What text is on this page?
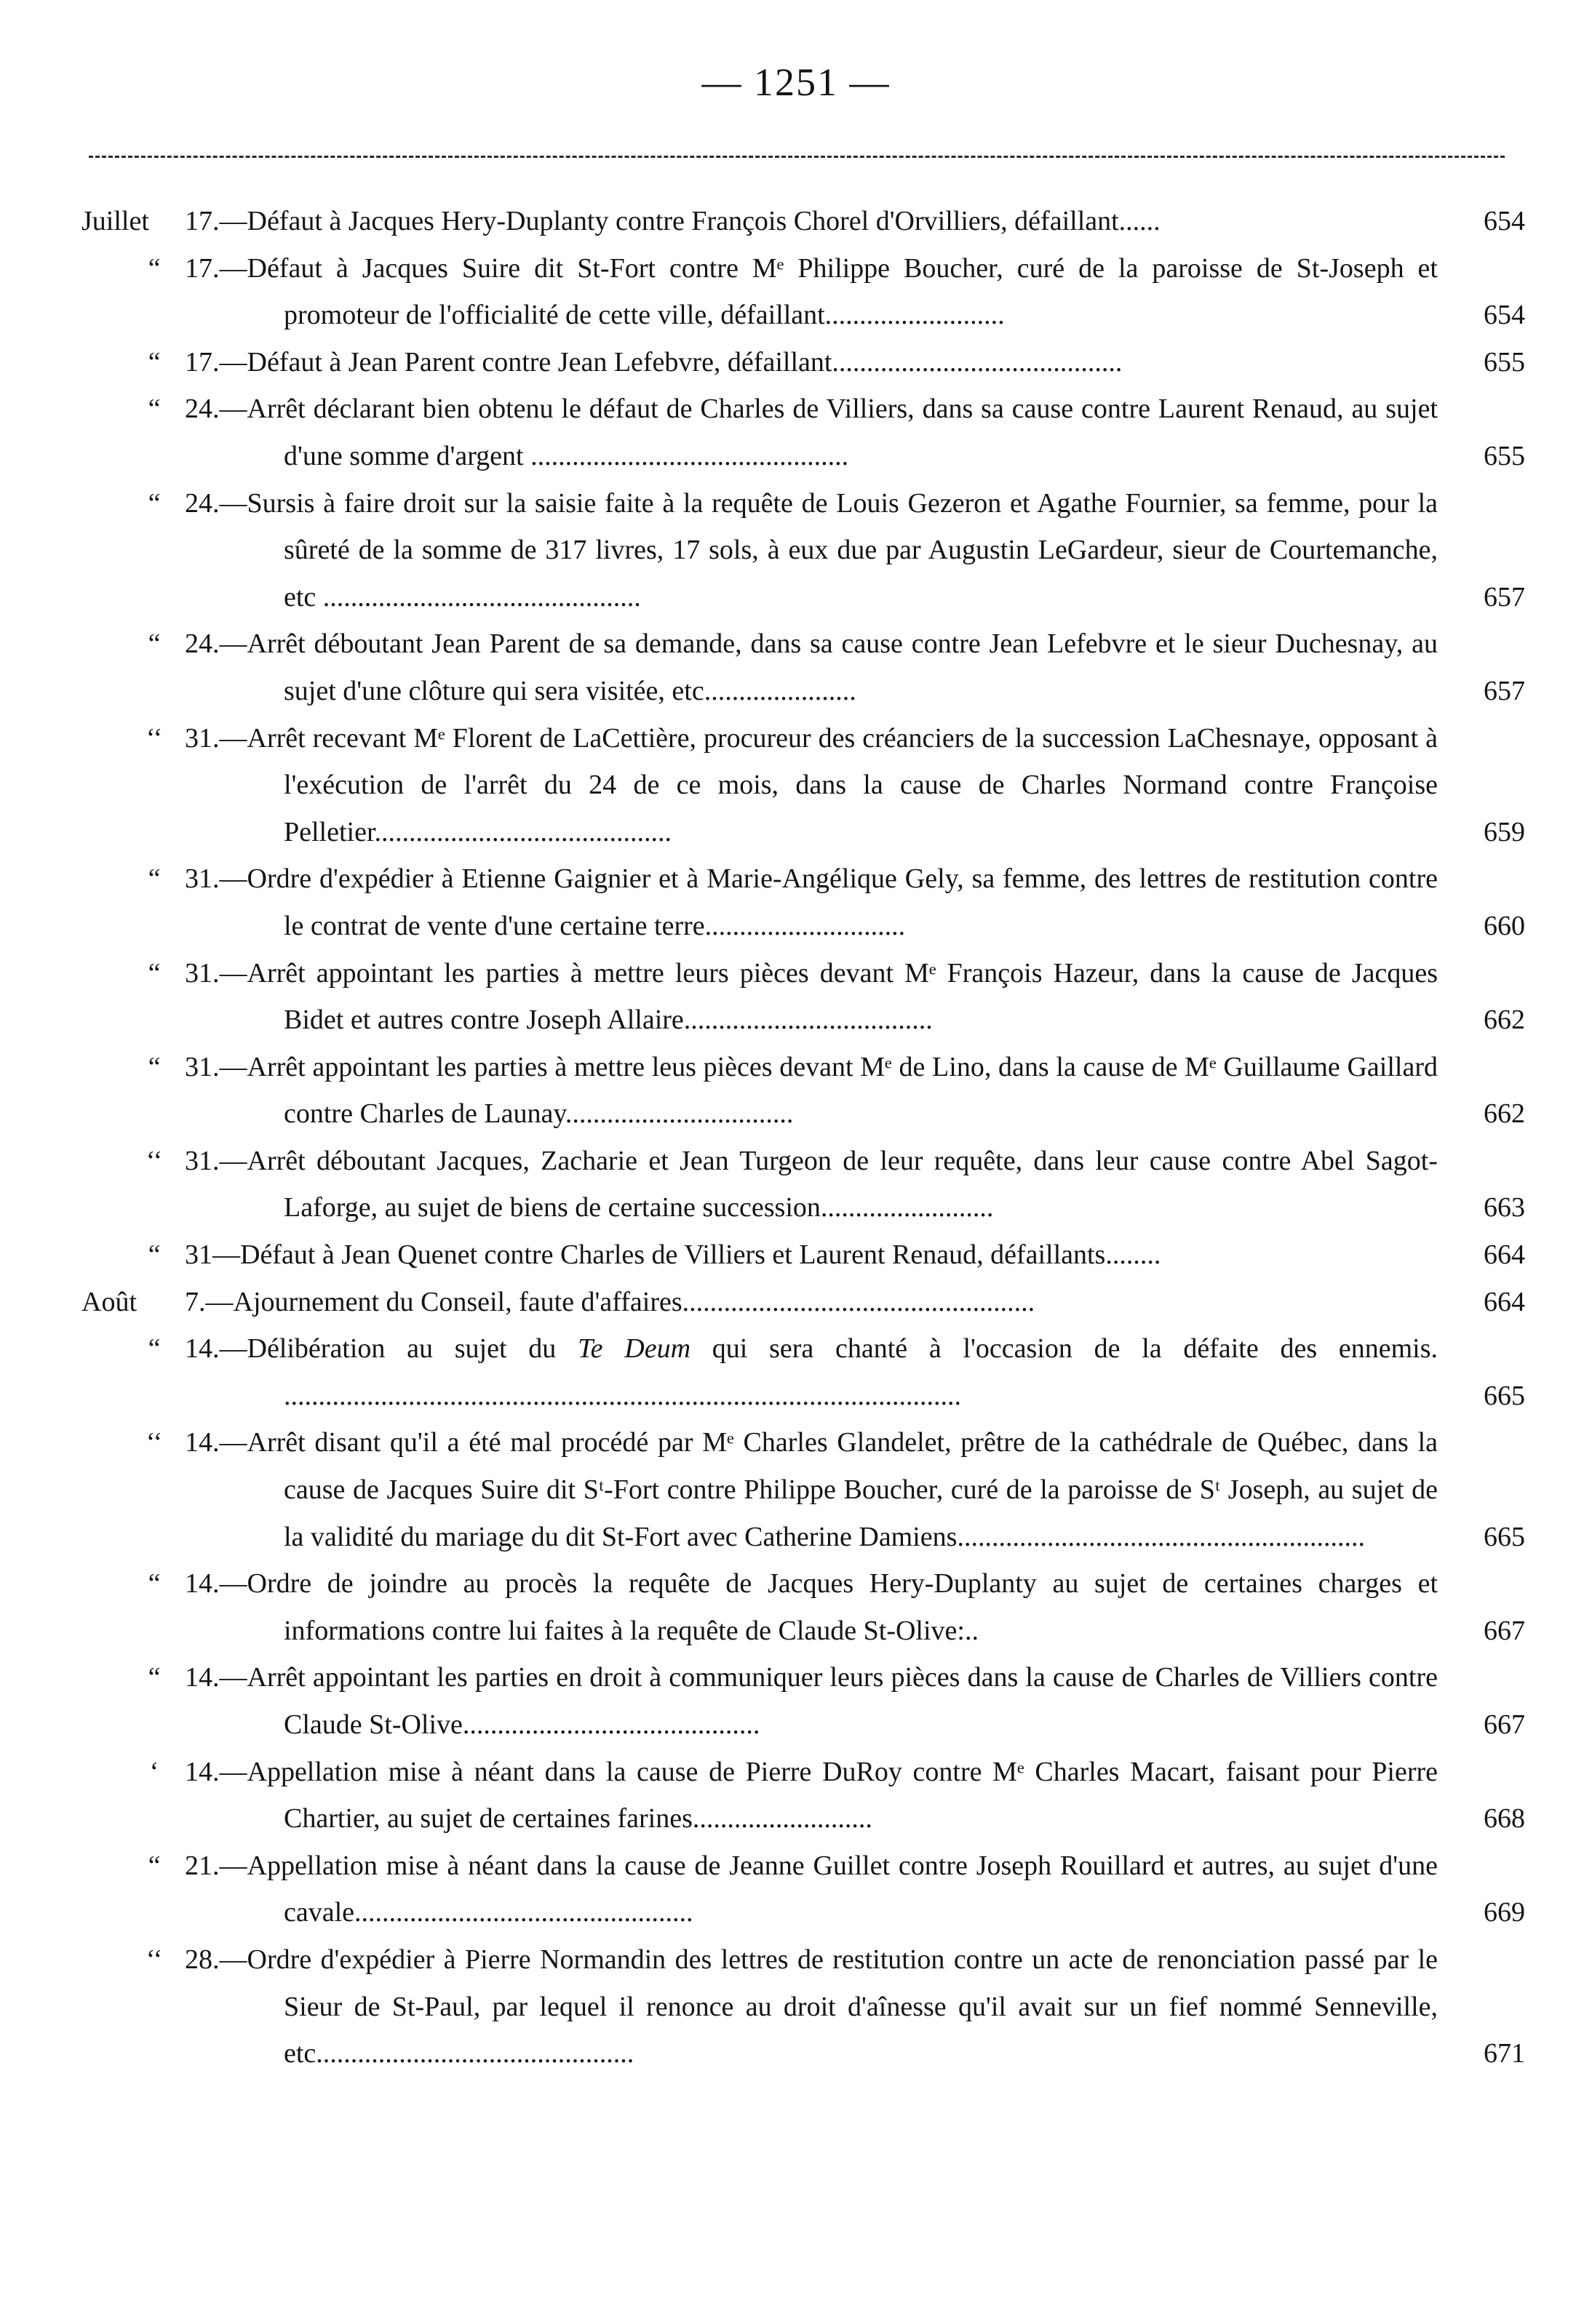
— 1251 —
Juillet	17.—Défaut à Jacques Hery-Duplanty contre François Chorel d'Orvilliers, défaillant......	654
“ 17.—Défaut à Jacques Suire dit St-Fort contre Mᵉ Philippe Boucher, curé de la paroisse de St-Joseph et promoteur de l'officialité de cette ville, défaillant..........................	654
“ 17.—Défaut à Jean Parent contre Jean Lefebvre, défaillant..........................................	655
“ 24.—Arrêt déclarant bien obtenu le défaut de Charles de Villiers, dans sa cause contre Laurent Renaud, au sujet d'une somme d'argent ..............................................	655
“ 24.—Sursis à faire droit sur la saisie faite à la requête de Louis Gezeron et Agathe Fournier, sa femme, pour la sûreté de la somme de 317 livres, 17 sols, à eux due par Augustin LeGardeur, sieur de Courtemanche, etc ..............................................	657
“ 24.—Arrêt déboutant Jean Parent de sa demande, dans sa cause contre Jean Lefebvre et le sieur Duchesnay, au sujet d'une clôture qui sera visitée, etc......................	657
‘‘ 31.—Arrêt recevant Mᵉ Florent de LaCettière, procureur des créanciers de la succession LaChesnaye, opposant à l'exécution de l'arrêt du 24 de ce mois, dans la cause de Charles Normand contre Françoise Pelletier...........................................	659
“ 31.—Ordre d'expédier à Etienne Gaignier et à Marie-Angélique Gely, sa femme, des lettres de restitution contre le contrat de vente d'une certaine terre.............................	660
“ 31.—Arrêt appointant les parties à mettre leurs pièces devant Mᵉ François Hazeur, dans la cause de Jacques Bidet et autres contre Joseph Allaire....................................	662
“ 31.—Arrêt appointant les parties à mettre leus pièces devant Mᵉ de Lino, dans la cause de Mᵉ Guillaume Gaillard contre Charles de Launay.................................	662
‘‘ 31.—Arrêt déboutant Jacques, Zacharie et Jean Turgeon de leur requête, dans leur cause contre Abel Sagot-Laforge, au sujet de biens de certaine succession.........................	663
“ 31—Défaut à Jean Quenet contre Charles de Villiers et Laurent Renaud, défaillants........	664
Août	7.—Ajournement du Conseil, faute d'affaires...................................................	664
“ 14.—Délibération au sujet du Te Deum qui sera chanté à l'occasion de la défaite des ennemis. ..................................................................................................	665
‘‘ 14.—Arrêt disant qu'il a été mal procédé par Mᵉ Charles Glandelet, prêtre de la cathédrale de Québec, dans la cause de Jacques Suire dit Sᵗ-Fort contre Philippe Boucher, curé de la paroisse de Sᵗ Joseph, au sujet de la validité du mariage du dit St-Fort avec Catherine Damiens...........................................................	665
“ 14.—Ordre de joindre au procès la requête de Jacques Hery-Duplanty au sujet de certaines charges et informations contre lui faites à la requête de Claude St-Olive:..	667
“ 14.—Arrêt appointant les parties en droit à communiquer leurs pièces dans la cause de Charles de Villiers contre Claude St-Olive...........................................	667
‘ 14.—Appellation mise à néant dans la cause de Pierre DuRoy contre Mᵉ Charles Macart, faisant pour Pierre Chartier, au sujet de certaines farines..........................	668
“ 21.—Appellation mise à néant dans la cause de Jeanne Guillet contre Joseph Rouillard et autres, au sujet d'une cavale.................................................	669
‘‘ 28.—Ordre d'expédier à Pierre Normandin des lettres de restitution contre un acte de renonciation passé par le Sieur de St-Paul, par lequel il renonce au droit d'aînesse qu'il avait sur un fief nommé Senneville, etc..............................................	671
